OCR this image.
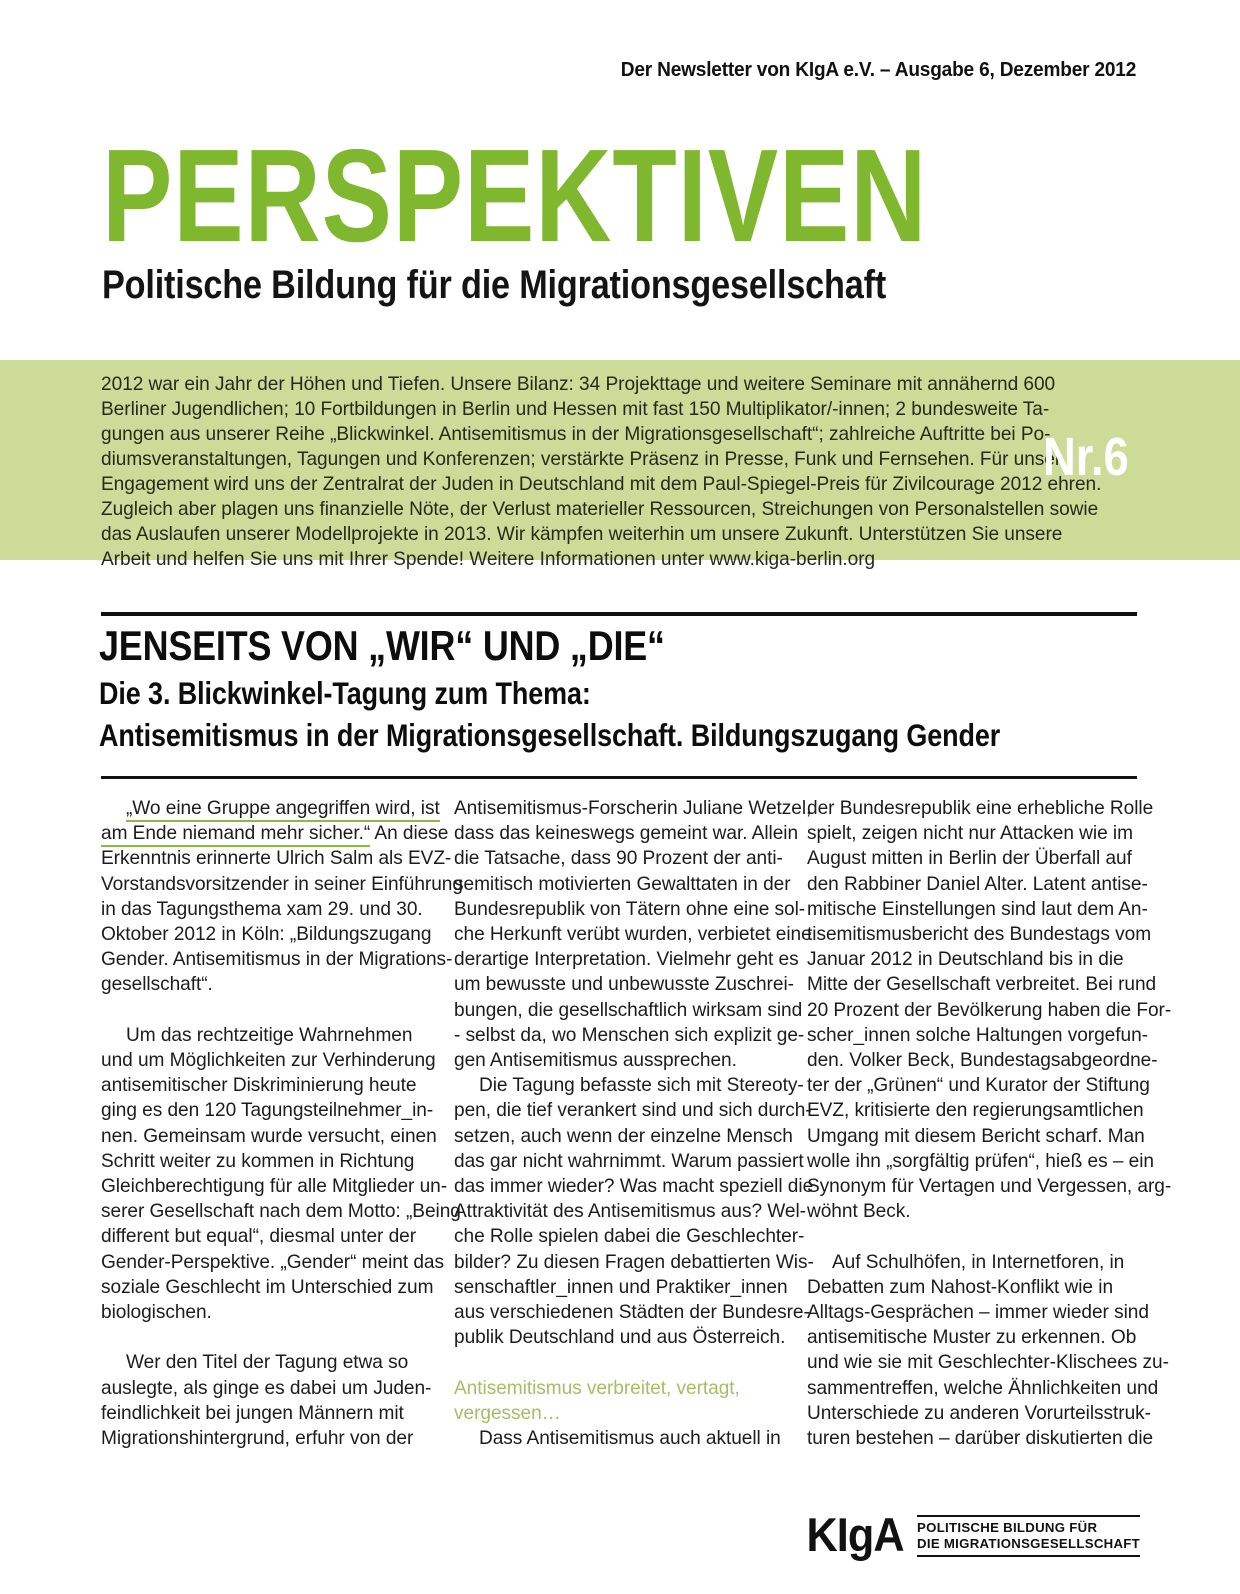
Der Newsletter von KIgA e.V. – Ausgabe 6, Dezember 2012
PERSPEKTIVEN
Politische Bildung für die Migrationsgesellschaft
2012 war ein Jahr der Höhen und Tiefen. Unsere Bilanz: 34 Projekttage und weitere Seminare mit annähernd 600
Berliner Jugendlichen; 10 Fortbildungen in Berlin und Hessen mit fast 150 Multiplikator/-innen; 2 bundesweite Ta-
gungen aus unserer Reihe „Blickwinkel. Antisemitismus in der Migrationsgesellschaft“; zahlreiche Auftritte bei Po-
diumsveranstaltungen, Tagungen und Konferenzen; verstärkte Präsenz in Presse, Funk und Fernsehen. Für unser
Engagement wird uns der Zentralrat der Juden in Deutschland mit dem Paul-Spiegel-Preis für Zivilcourage 2012 ehren.
Zugleich aber plagen uns finanzielle Nöte, der Verlust materieller Ressourcen, Streichungen von Personalstellen sowie
das Auslaufen unserer Modellprojekte in 2013. Wir kämpfen weiterhin um unsere Zukunft. Unterstützen Sie unsere
Arbeit und helfen Sie uns mit Ihrer Spende! Weitere Informationen unter www.kiga-berlin.org
Nr.6
JENSEITS VON „WIR“ UND „DIE“
Die 3. Blickwinkel-Tagung zum Thema:
Antisemitismus in der Migrationsgesellschaft. Bildungszugang Gender

„Wo eine Gruppe angegriffen wird, ist
am Ende niemand mehr sicher.“ An diese
Erkenntnis erinnerte Ulrich Salm als EVZ-
Vorstandsvorsitzender in seiner Einführung
in das Tagungsthema xam 29. und 30.
Oktober 2012 in Köln: „Bildungszugang
Gender. Antisemitismus in der Migrations-
gesellschaft“.

Um das rechtzeitige Wahrnehmen
und um Möglichkeiten zur Verhinderung
antisemitischer Diskriminierung heute
ging es den 120 Tagungsteilnehmer_in-
nen. Gemeinsam wurde versucht, einen
Schritt weiter zu kommen in Richtung
Gleichberechtigung für alle Mitglieder un-
serer Gesellschaft nach dem Motto: „Being
different but equal“, diesmal unter der
Gender-Perspektive. „Gender“ meint das
soziale Geschlecht im Unterschied zum
biologischen.

Wer den Titel der Tagung etwa so
auslegte, als ginge es dabei um Juden-
feindlichkeit bei jungen Männern mit
Migrationshintergrund, erfuhr von der

Antisemitismus-Forscherin Juliane Wetzel,
dass das keineswegs gemeint war. Allein
die Tatsache, dass 90 Prozent der anti-
semitisch motivierten Gewalttaten in der
Bundesrepublik von Tätern ohne eine sol-
che Herkunft verübt wurden, verbietet eine
derartige Interpretation. Vielmehr geht es
um bewusste und unbewusste Zuschrei-
bungen, die gesellschaftlich wirksam sind
- selbst da, wo Menschen sich explizit ge-
gen Antisemitismus aussprechen.

Die Tagung befasste sich mit Stereoty-
pen, die tief verankert sind und sich durch-
setzen, auch wenn der einzelne Mensch
das gar nicht wahrnimmt. Warum passiert
das immer wieder? Was macht speziell die
Attraktivität des Antisemitismus aus? Wel-
che Rolle spielen dabei die Geschlechter-
bilder? Zu diesen Fragen debattierten Wis-
senschaftler_innen und Praktiker_innen
aus verschiedenen Städten der Bundesre-
publik Deutschland und aus Österreich.

Antisemitismus verbreitet, vertagt,
vergessen…

Dass Antisemitismus auch aktuell in

der Bundesrepublik eine erhebliche Rolle
spielt, zeigen nicht nur Attacken wie im
August mitten in Berlin der Überfall auf
den Rabbiner Daniel Alter. Latent antise-
mitische Einstellungen sind laut dem An-
tisemitismusbericht des Bundestags vom
Januar 2012 in Deutschland bis in die
Mitte der Gesellschaft verbreitet. Bei rund
20 Prozent der Bevölkerung haben die For-
scher_innen solche Haltungen vorgefun-
den. Volker Beck, Bundestagsabgeordne-
ter der „Grünen“ und Kurator der Stiftung
EVZ, kritisierte den regierungsamtlichen
Umgang mit diesem Bericht scharf. Man
wolle ihn „sorgfältig prüfen“, hieß es – ein
Synonym für Vertagen und Vergessen, arg-
wöhnt Beck.

Auf Schulhöfen, in Internetforen, in
Debatten zum Nahost-Konflikt wie in
Alltags-Gesprächen – immer wieder sind
antisemitische Muster zu erkennen. Ob
und wie sie mit Geschlechter-Klischees zu-
sammentreffen, welche Ähnlichkeiten und
Unterschiede zu anderen Vorurteilsstruk-
turen bestehen – darüber diskutierten die

KIgA POLITISCHE BILDUNG FÜR
DIE MIGRATIONSGESELLSCHAFT
